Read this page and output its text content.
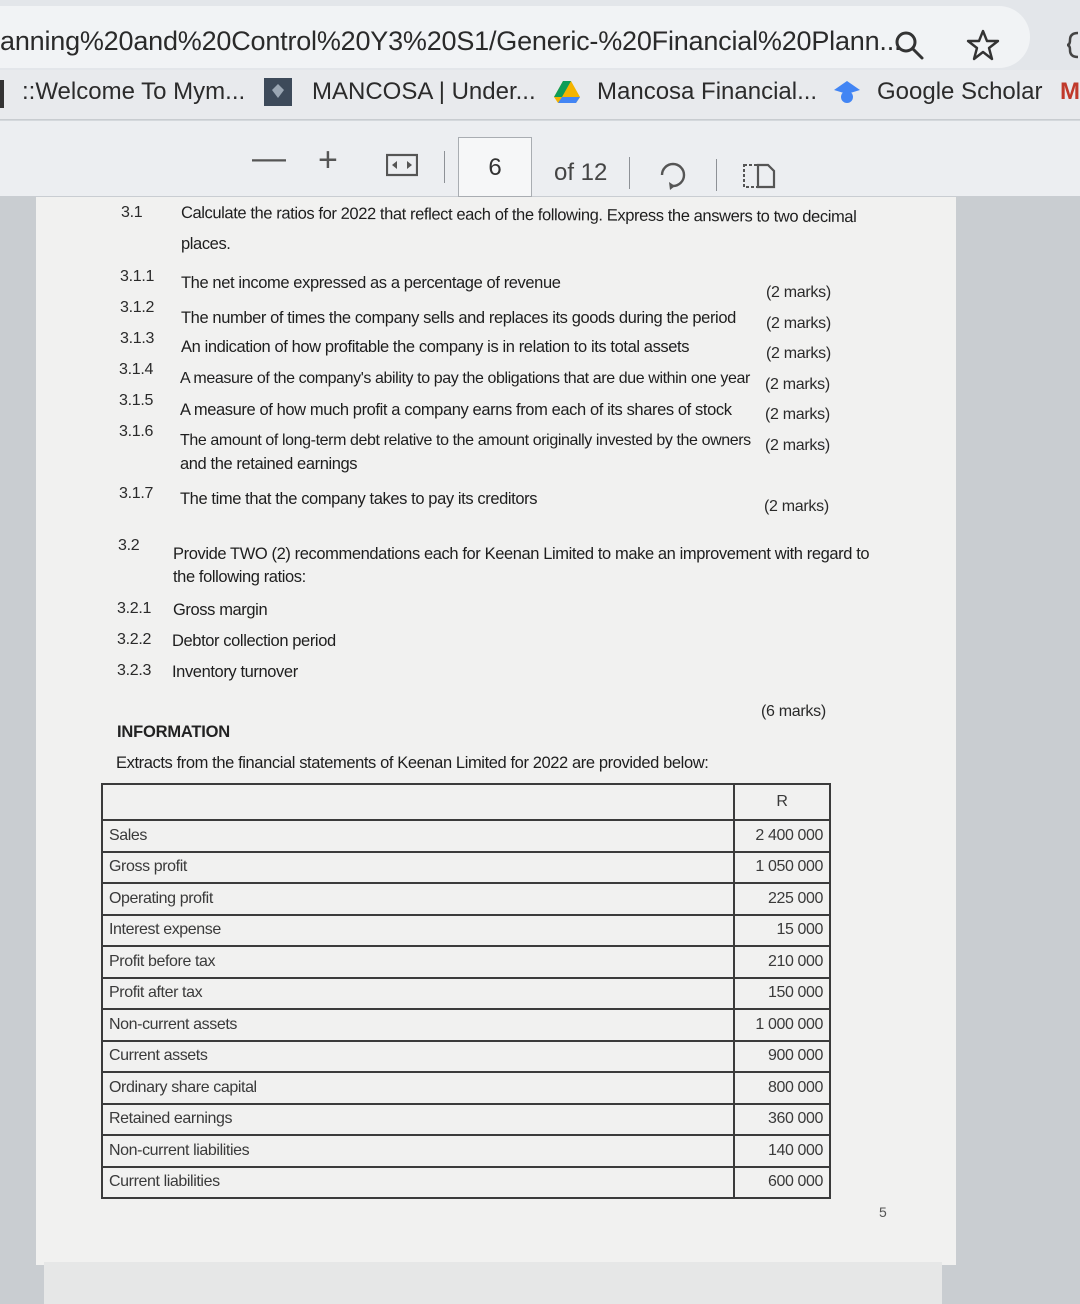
anning%20and%20Control%20Y3%20S1/Generic-%20Financial%20Plann...
::Welcome To Mym...	MANCOSA | Under...	Mancosa Financial... Google Scholar M
— +	6	of 12
3.1 Calculate the ratios for 2022 that reflect each of the following. Express the answers to two decimal
places.
3.1.1 The net income expressed as a percentage of revenue
(2 marks)
3.1.2
The number of times the company sells and replaces its goods during the period (2 marks)
3.1.3 An indication of how profitable the company is in relation to its total assets	(2 marks)
3.1.4
A measure of the company's ability to pay the obligations that are due within one year (2 marks)
3.1.5
A measure of how much profit a company earns from each of its shares of stock (2 marks)
3.1.6
The amount of long-term debt relative to the amount originally invested by the owners
and the retained earnings
(2 marks)
3.1.7 The time that the company takes to pay its creditors	(2 marks)
3.2 Provide TWO (2) recommendations each for Keenan Limited to make an improvement with regard to
the following ratios:
3.2.1 Gross margin
3.2.2 Debtor collection period
3.2.3 Inventory turnover
(6 marks)
INFORMATION
Extracts from the financial statements of Keenan Limited for 2022 are provided below:
	R
Sales	2 400 000
Gross profit	1 050 000
Operating profit	225 000
Interest expense	15 000
Profit before tax	210 000
Profit after tax	150 000
Non-current assets	1 000 000
Current assets	900 000
Ordinary share capital	800 000
Retained earnings	360 000
Non-current liabilities	140 000
Current liabilities	600 000
5
